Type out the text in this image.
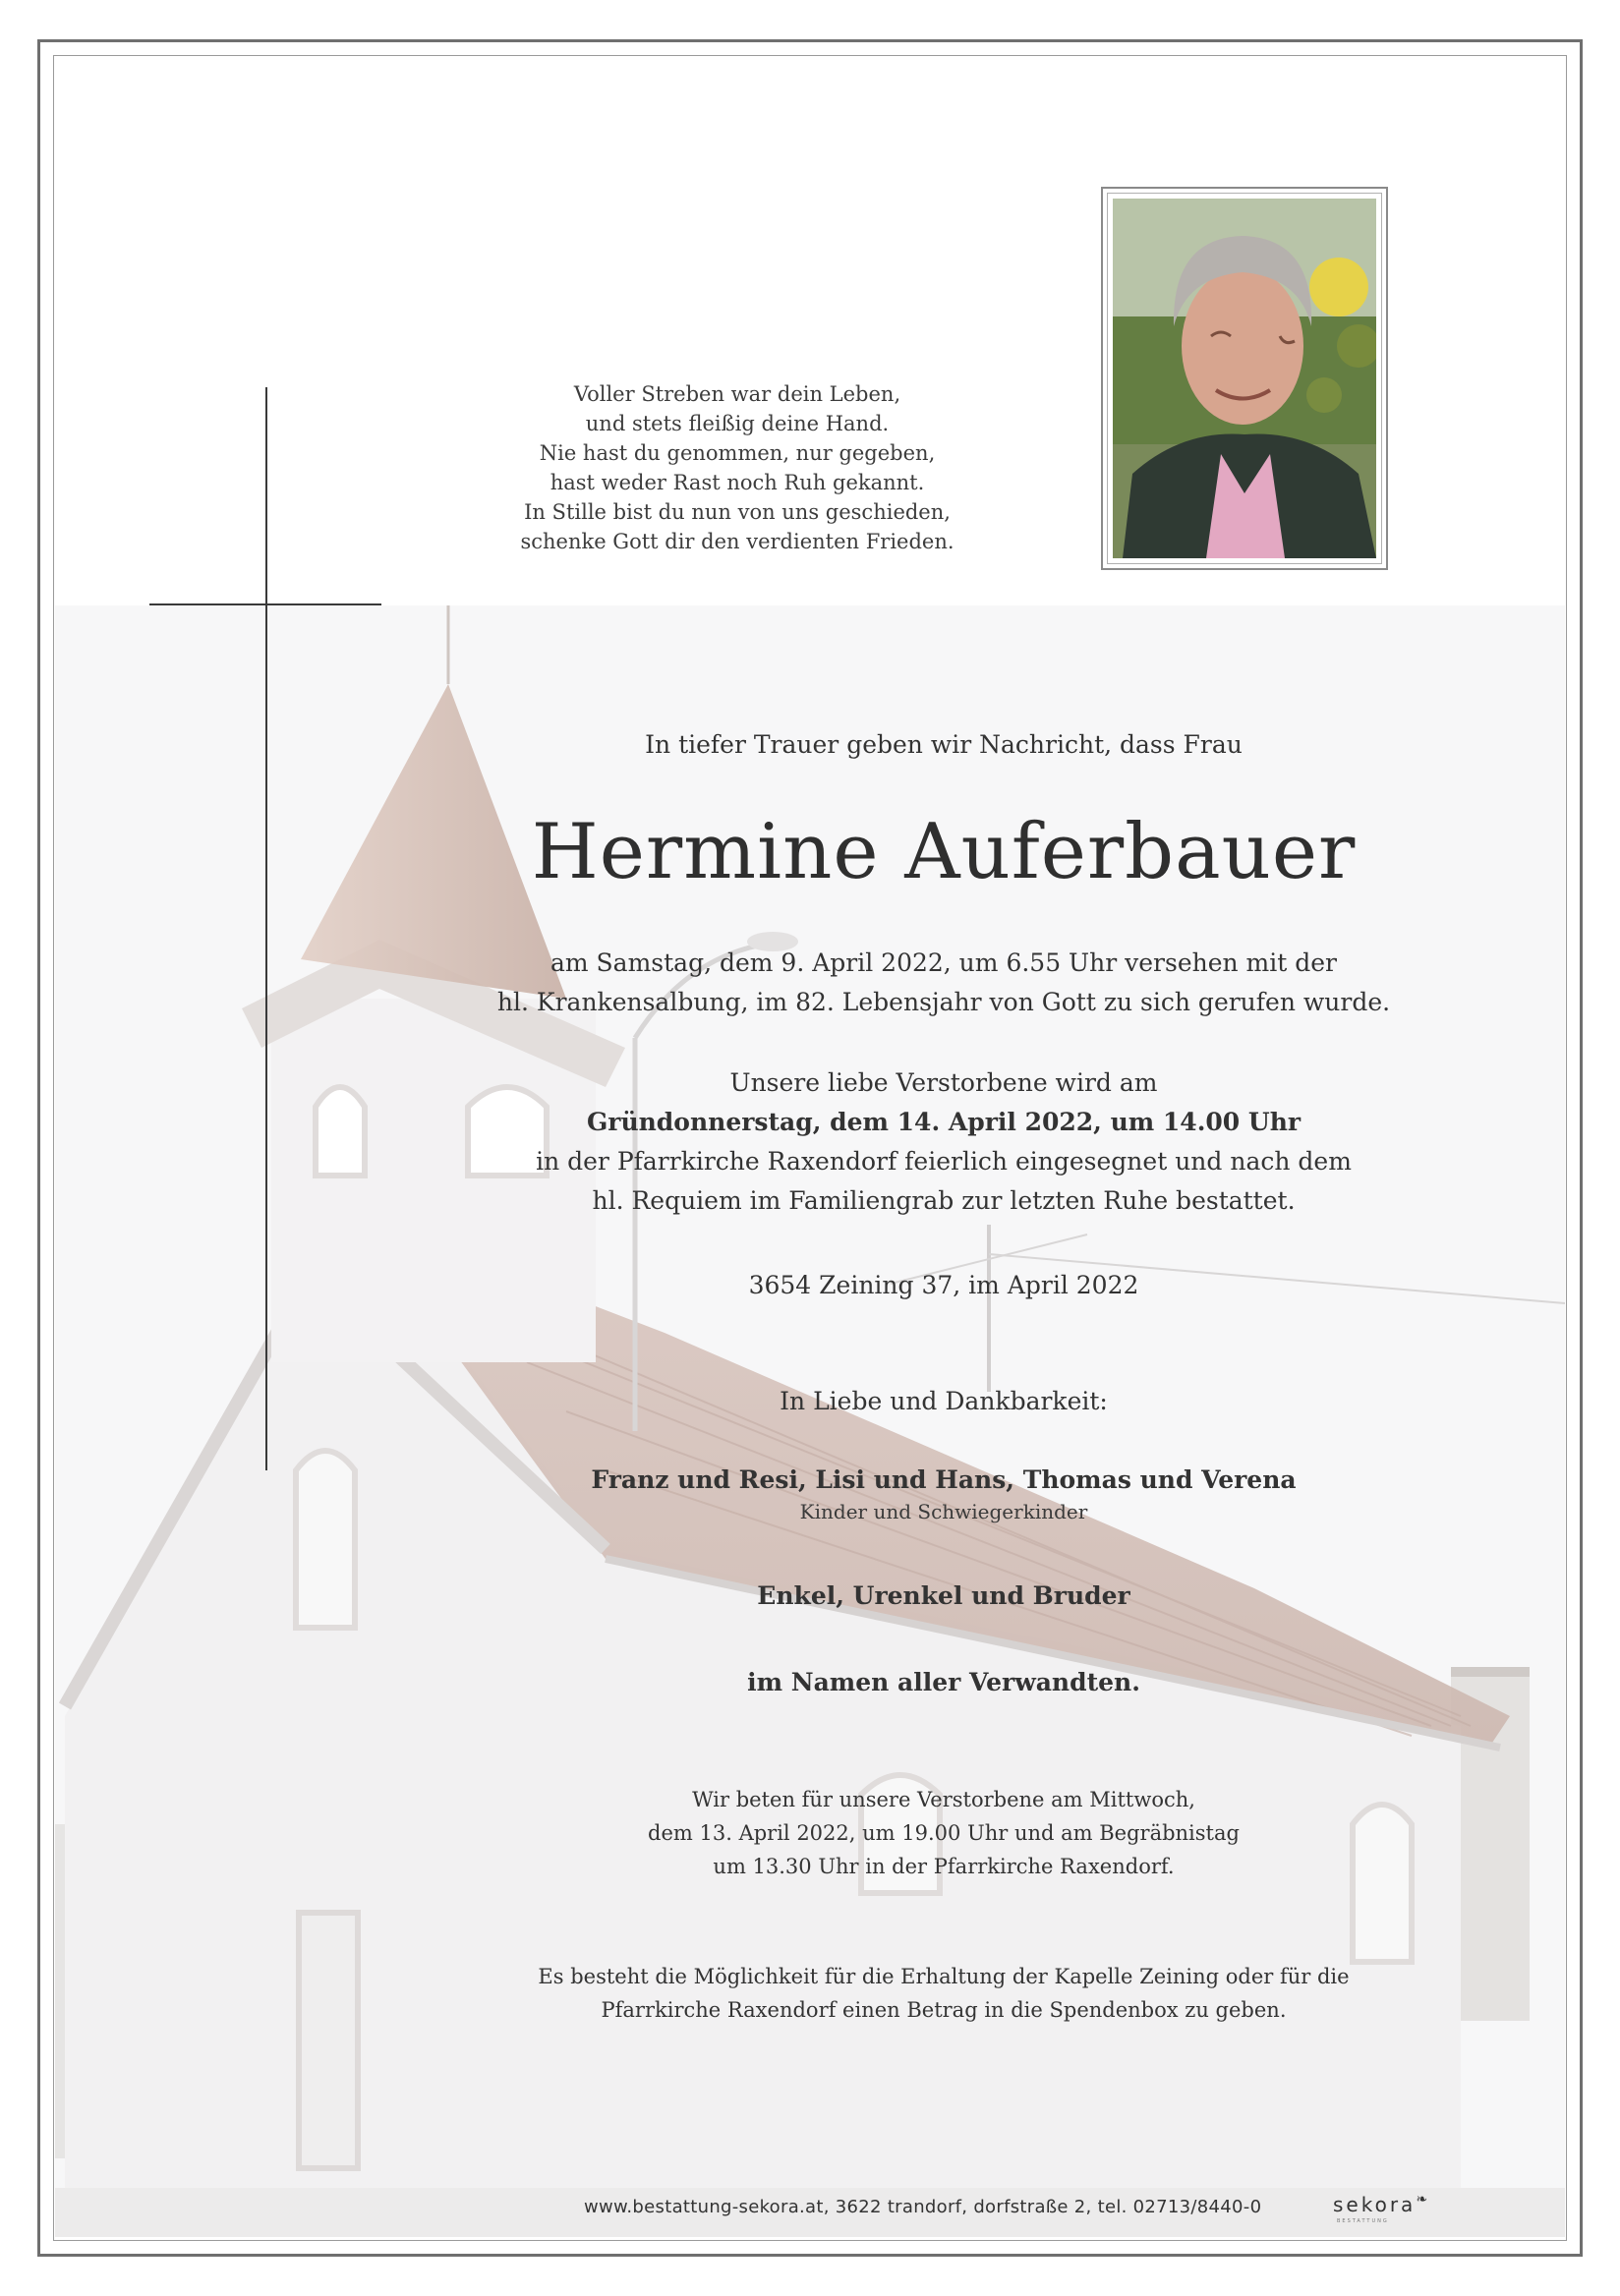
Voller Streben war dein Leben,
und stets fleißig deine Hand.
Nie hast du genommen, nur gegeben,
hast weder Rast noch Ruh gekannt.
In Stille bist du nun von uns geschieden,
schenke Gott dir den verdienten Frieden.
In tiefer Trauer geben wir Nachricht, dass Frau
Hermine Auferbauer
am Samstag, dem 9. April 2022, um 6.55 Uhr versehen mit der
hl. Krankensalbung, im 82. Lebensjahr von Gott zu sich gerufen wurde.
Unsere liebe Verstorbene wird am
Gründonnerstag, dem 14. April 2022, um 14.00 Uhr
in der Pfarrkirche Raxendorf feierlich eingesegnet und nach dem
hl. Requiem im Familiengrab zur letzten Ruhe bestattet.
3654 Zeining 37, im April 2022
In Liebe und Dankbarkeit:
Franz und Resi, Lisi und Hans, Thomas und Verena
Kinder und Schwiegerkinder
Enkel, Urenkel und Bruder
im Namen aller Verwandten.
Wir beten für unsere Verstorbene am Mittwoch,
dem 13. April 2022, um 19.00 Uhr und am Begräbnistag
um 13.30 Uhr in der Pfarrkirche Raxendorf.
Es besteht die Möglichkeit für die Erhaltung der Kapelle Zeining oder für die
Pfarrkirche Raxendorf einen Betrag in die Spendenbox zu geben.
www.bestattung-sekora.at, 3622 trandorf, dorfstraße 2, tel. 02713/8440-0	sekora❧
BESTATTUNG
